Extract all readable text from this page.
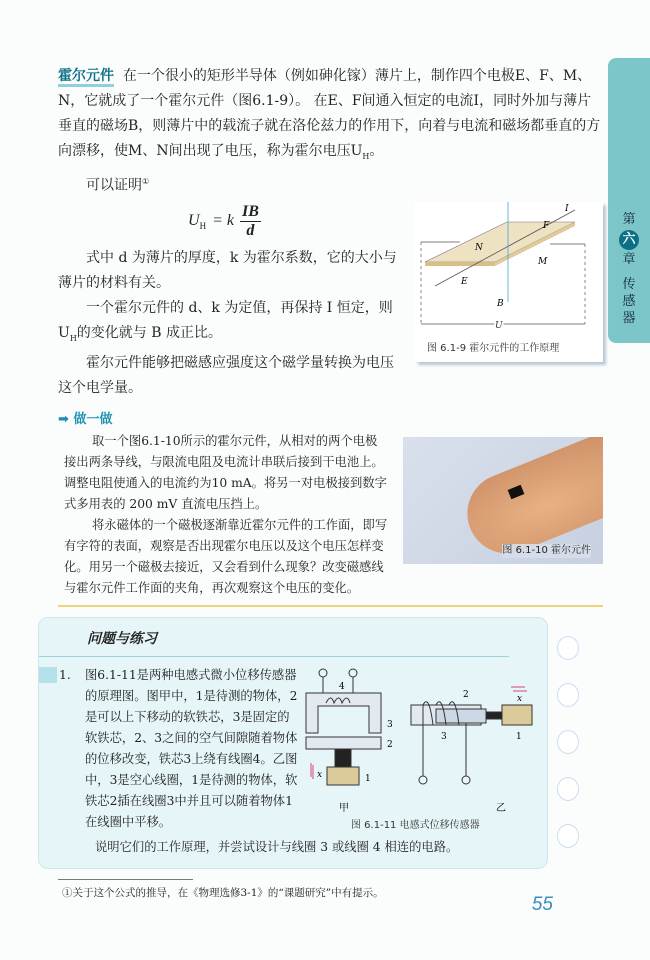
第
六
章
传感器

霍尔元件 在一个很小的矩形半导体（例如砷化镓）薄片上，制作四个电极E、F、M、N，它就成了一个霍尔元件（图6.1-9）。 在E、F间通入恒定的电流I，同时外加与薄片垂直的磁场B，则薄片中的载流子就在洛伦兹力的作用下，向着与电流和磁场都垂直的方向漂移，使M、N间出现了电压，称为霍尔电压$U_H$。

可以证明①

I
F
N
M
E
B
U
图 6.1-9 霍尔元件的工作原理
$U_H = k$
IB
d

式中 d 为薄片的厚度，k 为霍尔系数，它的大小与薄片的材料有关。

一个霍尔元件的 d、k 为定值，再保持 I 恒定，则 $U_H$的变化就与 B 成正比。

霍尔元件能够把磁感应强度这个磁学量转换为电压这个电学量。

➡ 做一做
图 6.1-10 霍尔元件

取一个图6.1-10所示的霍尔元件，从相对的两个电极接出两条导线，与限流电阻及电流计串联后接到干电池上。调整电阻使通入的电流约为10 mA。将另一对电极接到数字式多用表的 200 mV 直流电压挡上。

将永磁体的一个磁极逐渐靠近霍尔元件的工作面，即写有字符的表面，观察是否出现霍尔电压以及这个电压怎样变化。用另一个磁极去接近，又会看到什么现象？改变磁感线与霍尔元件工作面的夹角，再次观察这个电压的变化。

问题与练习
1.	图6.1-11是两种电感式微小位移传感器的原理图。图甲中，1是待测的物体，2是可以上下移动的软铁芯，3是固定的软铁芯，2、3之间的空气间隙随着物体的位移改变，铁芯3上绕有线圈4。乙图中，3是空心线圈，1是待测的物体，软铁芯2插在线圈3中并且可以随着物体1在线圈中平移。

4
3
2
1
x
2
3	1
x
甲	乙
图 6.1-11 电感式位移传感器

说明它们的工作原理，并尝试设计与线圈 3 或线圈 4 相连的电路。

①关于这个公式的推导，在《物理选修3-1》的“课题研究”中有提示。
55
